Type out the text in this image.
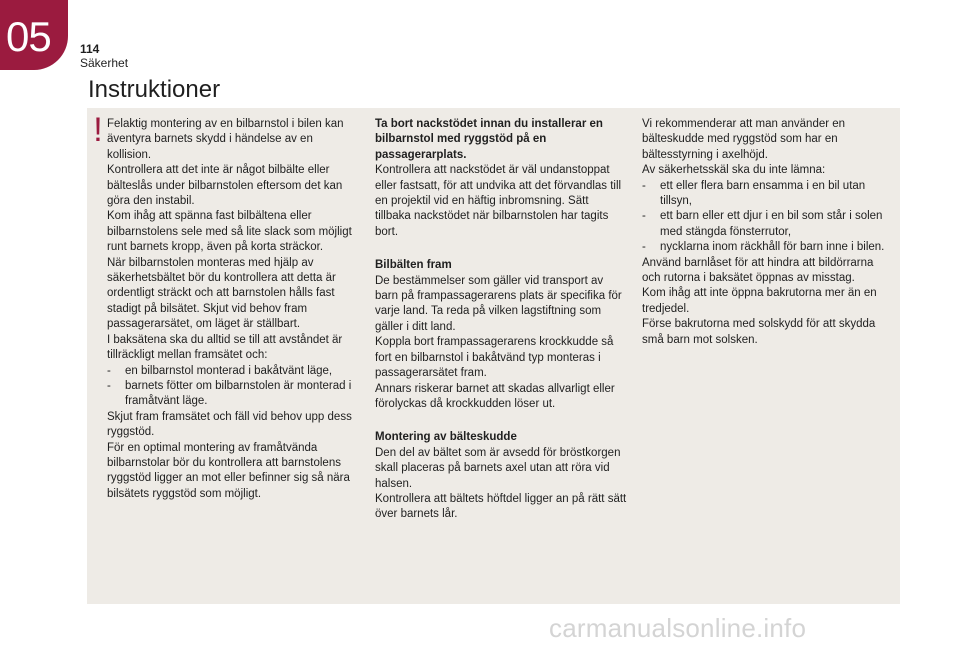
05	114
Säkerhet
Instruktioner
! Felaktig montering av en bilbarnstol i bilen kan äventyra barnets skydd i händelse av en kollision.

Kontrollera att det inte är något bilbälte eller bälteslås under bilbarnstolen eftersom det kan göra den instabil.

Kom ihåg att spänna fast bilbältena eller bilbarnstolens sele med så lite slack som möjligt runt barnets kropp, även på korta sträckor.

När bilbarnstolen monteras med hjälp av säkerhetsbältet bör du kontrollera att detta är ordentligt sträckt och att barnstolen hålls fast stadigt på bilsätet. Skjut vid behov fram passagerarsätet, om läget är ställbart.

I baksätena ska du alltid se till att avståndet är tillräckligt mellan framsätet och:

- en bilbarnstol monterad i bakåtvänt läge,

- barnets fötter om bilbarnstolen är monterad i framåtvänt läge.

Skjut fram framsätet och fäll vid behov upp dess ryggstöd.

För en optimal montering av framåtvända bilbarnstolar bör du kontrollera att barnstolens ryggstöd ligger an mot eller befinner sig så nära bilsätets ryggstöd som möjligt.

Ta bort nackstödet innan du installerar en bilbarnstol med ryggstöd på en passagerarplats.

Kontrollera att nackstödet är väl undanstoppat eller fastsatt, för att undvika att det förvandlas till en projektil vid en häftig inbromsning. Sätt tillbaka nackstödet när bilbarnstolen har tagits bort.

Bilbälten fram

De bestämmelser som gäller vid transport av barn på frampassagerarens plats är specifika för varje land. Ta reda på vilken lagstiftning som gäller i ditt land.

Koppla bort frampassagerarens krockkudde så fort en bilbarnstol i bakåtvänd typ monteras i passagerarsätet fram.

Annars riskerar barnet att skadas allvarligt eller förolyckas då krockkudden löser ut.

Montering av bälteskudde

Den del av bältet som är avsedd för bröstkorgen skall placeras på barnets axel utan att röra vid halsen.

Kontrollera att bältets höftdel ligger an på rätt sätt över barnets lår.

Vi rekommenderar att man använder en bälteskudde med ryggstöd som har en bältesstyrning i axelhöjd.

Av säkerhetsskäl ska du inte lämna:

- ett eller flera barn ensamma i en bil utan tillsyn,

- ett barn eller ett djur i en bil som står i solen med stängda fönsterrutor,

- nycklarna inom räckhåll för barn inne i bilen.

Använd barnlåset för att hindra att bildörrarna och rutorna i baksätet öppnas av misstag.

Kom ihåg att inte öppna bakrutorna mer än en tredjedel.

Förse bakrutorna med solskydd för att skydda små barn mot solsken.

carmanualsonline.info
